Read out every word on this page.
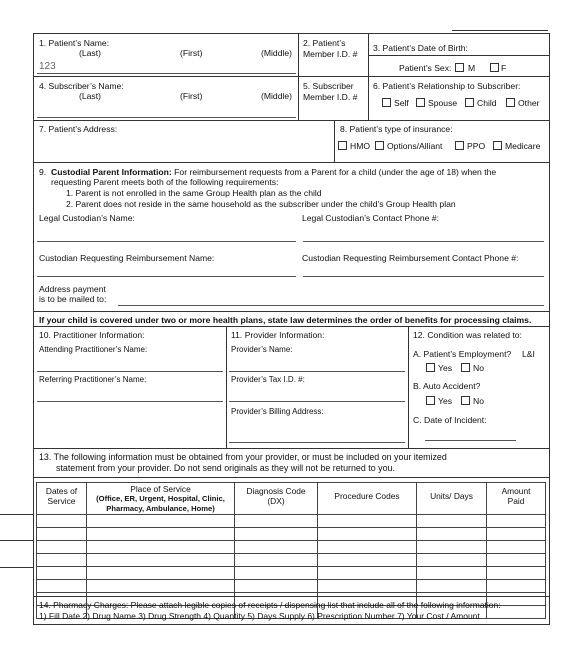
1. Patient’s Name:
(Last)	(First)	(Middle)
123
2. Patient’s
Member I.D. #
3. Patient’s Date of Birth:
Patient’s Sex: M	F
4. Subscriber’s Name:
(Last)	(First)	(Middle)
5. Subscriber
Member I.D. #
6. Patient’s Relationship to Subscriber:
Self Spouse Child Other
7. Patient’s Address:	8. Patient’s type of insurance:
HMO Options/Alliant	PPO Medicare
9. Custodial Parent Information: For reimbursement requests from a Parent for a child (under the age of 18) when the
requesting Parent meets both of the following requirements:
1. Parent is not enrolled in the same Group Health plan as the child
2. Parent does not reside in the same household as the subscriber under the child’s Group Health plan
Legal Custodian’s Name:	Legal Custodian’s Contact Phone #:
Custodian Requesting Reimbursement Name:	Custodian Requesting Reimbursement Contact Phone #:
Address payment
is to be mailed to:
If your child is covered under two or more health plans, state law determines the order of benefits for processing claims.
10. Practitioner Information:
Attending Practitioner’s Name:
Referring Practitioner’s Name:
11. Provider Information:
Provider’s Name:
Provider’s Tax I.D. #:
Provider’s Billing Address:
12. Condition was related to:
A. Patient’s Employment? L&I
Yes No
B. Auto Accident?
Yes No
C. Date of Incident:
13. The following information must be obtained from your provider, or must be included on your itemized
statement from your provider. Do not send originals as they will not be returned to you.
Dates of
Service	Place of Service
(Office, ER, Urgent, Hospital, Clinic,
Pharmacy, Ambulance, Home)	Diagnosis Code
(DX)	Procedure Codes	Units/ Days	Amount
Paid

14. Pharmacy Charges: Please attach legible copies of receipts / dispensing list that include all of the following information:
1) Fill Date 2) Drug Name 3) Drug Strength 4) Quantity 5) Days Supply 6) Prescription Number 7) Your Cost / Amount
